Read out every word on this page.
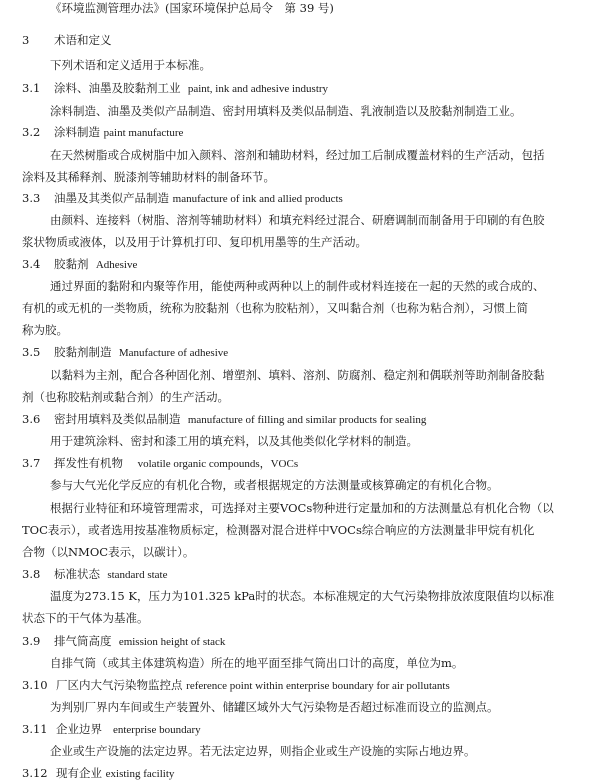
《环境监测管理办法》(国家环境保护总局令　第 39 号)
3 术语和定义
下列术语和定义适用于本标准。
3.1 涂料、油墨及胶黏剂工业 paint, ink and adhesive industry
涂料制造、油墨及类似产品制造、密封用填料及类似品制造、乳液制造以及胶黏剂制造工业。
3.2 涂料制造 paint manufacture
在天然树脂或合成树脂中加入颜料、溶剂和辅助材料，经过加工后制成覆盖材料的生产活动，包括
涂料及其稀释剂、脱漆剂等辅助材料的制备环节。
3.3 油墨及其类似产品制造 manufacture of ink and allied products
由颜料、连接料（树脂、溶剂等辅助材料）和填充料经过混合、研磨调制而制备用于印刷的有色胶
浆状物质或液体，以及用于计算机打印、复印机用墨等的生产活动。
3.4 胶黏剂 Adhesive
通过界面的黏附和内聚等作用，能使两种或两种以上的制件或材料连接在一起的天然的或合成的、
有机的或无机的一类物质，统称为胶黏剂（也称为胶粘剂），又叫黏合剂（也称为粘合剂），习惯上简
称为胶。
3.5 胶黏剂制造 Manufacture of adhesive
以黏料为主剂，配合各种固化剂、增塑剂、填料、溶剂、防腐剂、稳定剂和偶联剂等助剂制备胶黏
剂（也称胶粘剂或黏合剂）的生产活动。
3.6 密封用填料及类似品制造 manufacture of filling and similar products for sealing
用于建筑涂料、密封和漆工用的填充料，以及其他类似化学材料的制造。
3.7 挥发性有机物 volatile organic compounds，VOCs
参与大气光化学反应的有机化合物，或者根据规定的方法测量或核算确定的有机化合物。
根据行业特征和环境管理需求，可选择对主要VOCs物种进行定量加和的方法测量总有机化合物（以
TOC表示），或者选用按基准物质标定，检测器对混合进样中VOCs综合响应的方法测量非甲烷有机化
合物（以NMOC表示，以碳计）。
3.8 标准状态 standard state
温度为273.15 K，压力为101.325 kPa时的状态。本标准规定的大气污染物排放浓度限值均以标准
状态下的干气体为基准。
3.9 排气筒高度 emission height of stack
自排气筒（或其主体建筑构造）所在的地平面至排气筒出口计的高度，单位为m。
3.10 厂区内大气污染物监控点 reference point within enterprise boundary for air pollutants
为判别厂界内车间或生产装置外、储罐区域外大气污染物是否超过标准而设立的监测点。
3.11 企业边界 enterprise boundary
企业或生产设施的法定边界。若无法定边界，则指企业或生产设施的实际占地边界。
3.12 现有企业 existing facility
